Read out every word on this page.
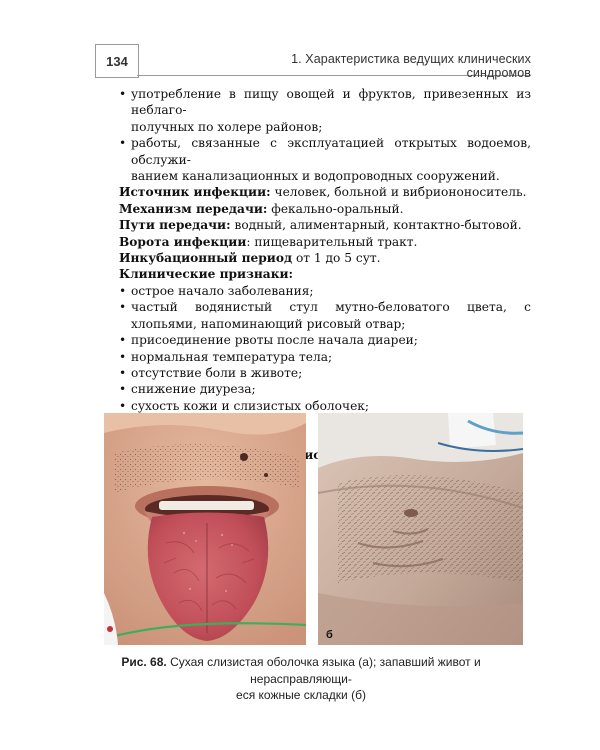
134	1. Характеристика ведущих клинических синдромов
• употребление в пищу овощей и фруктов, привезенных из неблаго-
получных по холере районов;
• работы, связанные с эксплуатацией открытых водоемов, обслужи-
ванием канализационных и водопроводных сооружений.
Источник инфекции: человек, больной и вибриононоситель.
Механизм передачи: фекально-оральный.
Пути передачи: водный, алиментарный, контактно-бытовой.
Ворота инфекции: пищеварительный тракт.
Инкубационный период от 1 до 5 сут.
Клинические признаки:
• острое начало заболевания;
• частый водянистый стул мутно-беловатого цвета, с хлопьями, напоминающий рисовый отвар;
• присоединение рвоты после начала диареи;
• нормальная температура тела;
• отсутствие боли в животе;
• снижение диуреза;
• сухость кожи и слизистых оболочек;
•
•
• (рис.
б
Рис. 68. Сухая слизистая оболочка языка (а); запавший живот и нерасправляющи-
еся кожные складки (б)
